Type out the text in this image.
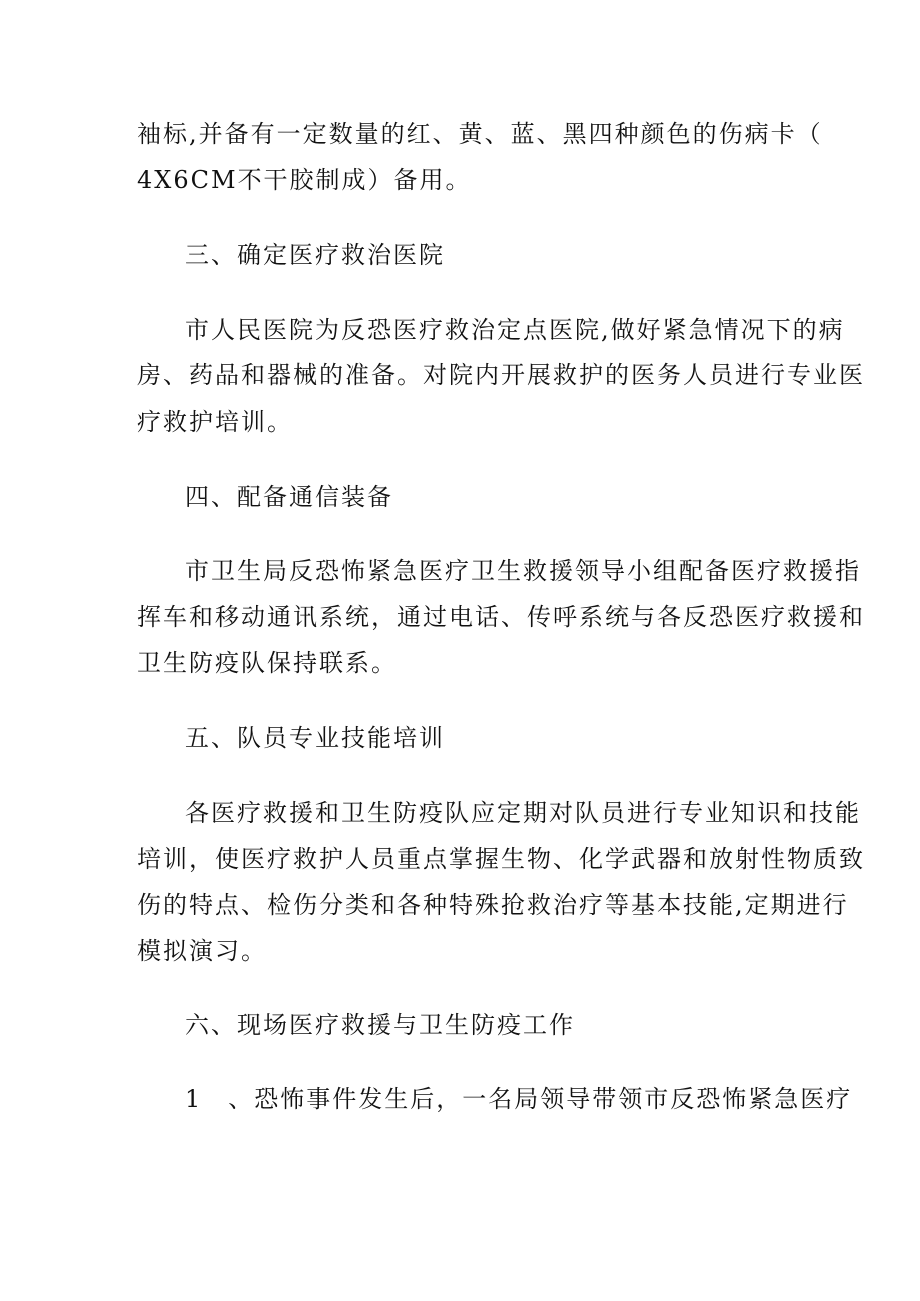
袖标,并备有一定数量的红、黄、蓝、黑四种颜色的伤病卡（
4X6CM不干胶制成）备用。
三、确定医疗救治医院
市人民医院为反恐医疗救治定点医院,做好紧急情况下的病
房、药品和器械的准备。对院内开展救护的医务人员进行专业医
疗救护培训。
四、配备通信装备
市卫生局反恐怖紧急医疗卫生救援领导小组配备医疗救援指
挥车和移动通讯系统，通过电话、传呼系统与各反恐医疗救援和
卫生防疫队保持联系。
五、队员专业技能培训
各医疗救援和卫生防疫队应定期对队员进行专业知识和技能
培训，使医疗救护人员重点掌握生物、化学武器和放射性物质致
伤的特点、检伤分类和各种特殊抢救治疗等基本技能,定期进行
模拟演习。
六、现场医疗救援与卫生防疫工作
1　、恐怖事件发生后，一名局领导带领市反恐怖紧急医疗
